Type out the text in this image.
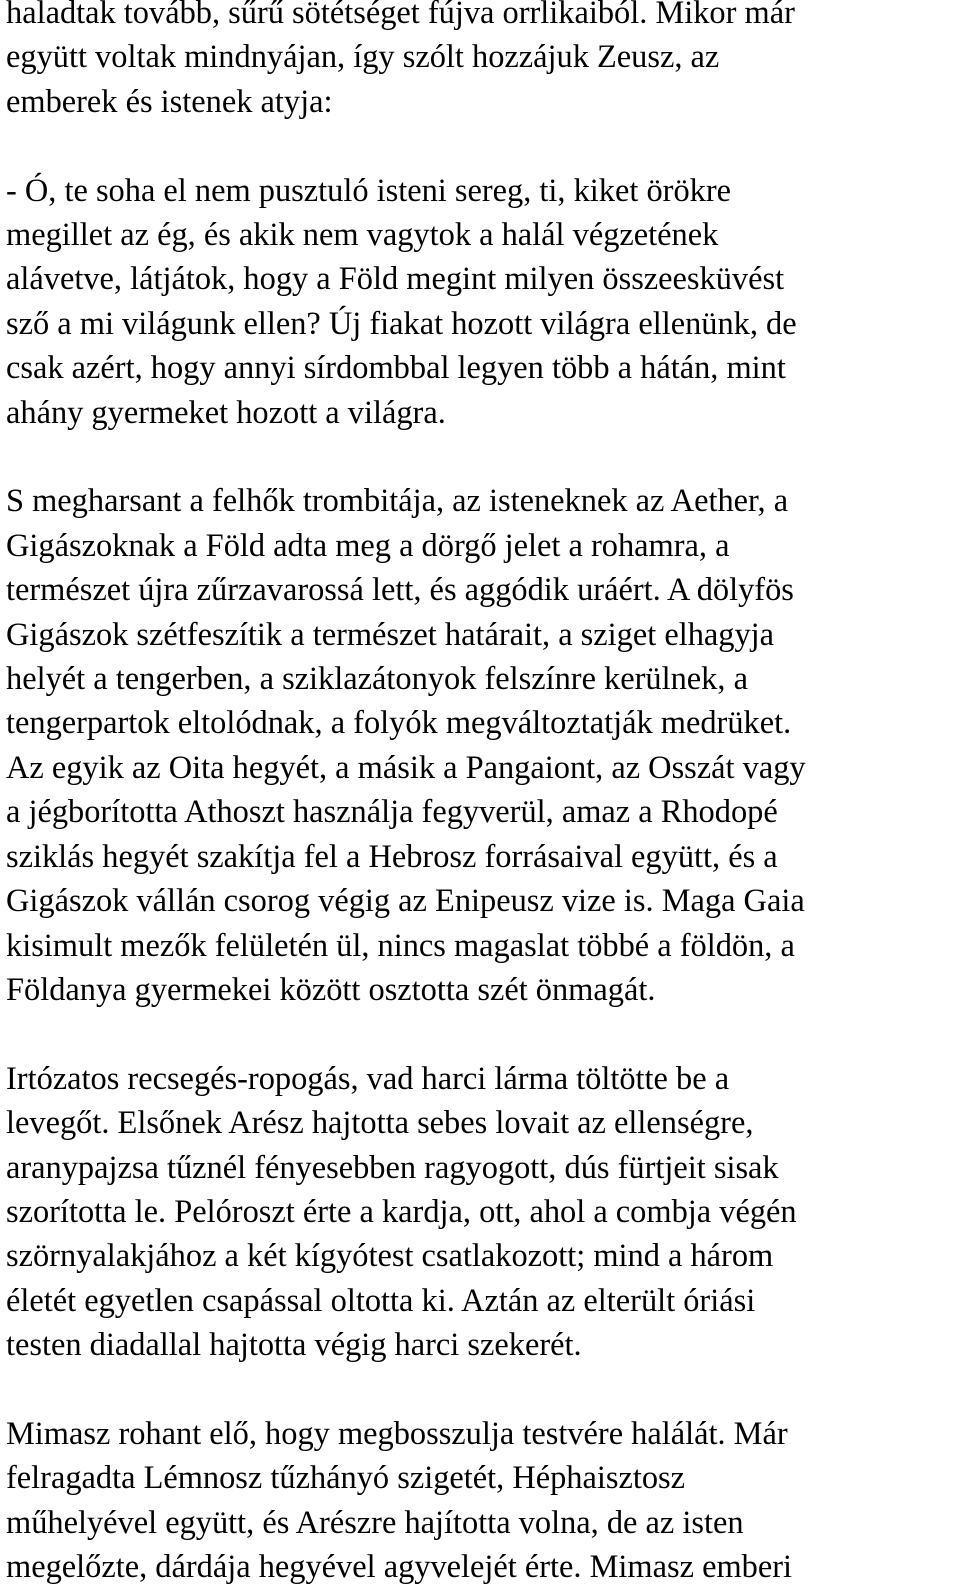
haladtak tovább, sűrű sötétséget fújva orrlikaiból. Mikor már
együtt voltak mindnyájan, így szólt hozzájuk Zeusz, az
emberek és istenek atyja:
- Ó, te soha el nem pusztuló isteni sereg, ti, kiket örökre
megillet az ég, és akik nem vagytok a halál végzetének
alávetve, látjátok, hogy a Föld megint milyen összeesküvést
sző a mi világunk ellen? Új fiakat hozott világra ellenünk, de
csak azért, hogy annyi sírdombbal legyen több a hátán, mint
ahány gyermeket hozott a világra.
S megharsant a felhők trombitája, az isteneknek az Aether, a
Gigászoknak a Föld adta meg a dörgő jelet a rohamra, a
természet újra zűrzavarossá lett, és aggódik uráért. A dölyfös
Gigászok szétfeszítik a természet határait, a sziget elhagyja
helyét a tengerben, a sziklazátonyok felszínre kerülnek, a
tengerpartok eltolódnak, a folyók megváltoztatják medrüket.
Az egyik az Oita hegyét, a másik a Pangaiont, az Osszát vagy
a jégborította Athoszt használja fegyverül, amaz a Rhodopé
sziklás hegyét szakítja fel a Hebrosz forrásaival együtt, és a
Gigászok vállán csorog végig az Enipeusz vize is. Maga Gaia
kisimult mezők felületén ül, nincs magaslat többé a földön, a
Földanya gyermekei között osztotta szét önmagát.
Irtózatos recsegés-ropogás, vad harci lárma töltötte be a
levegőt. Elsőnek Arész hajtotta sebes lovait az ellenségre,
aranypajzsa tűznél fényesebben ragyogott, dús fürtjeit sisak
szorította le. Pelóroszt érte a kardja, ott, ahol a combja végén
szörnyalakjához a két kígyótest csatlakozott; mind a három
életét egyetlen csapással oltotta ki. Aztán az elterült óriási
testen diadallal hajtotta végig harci szekerét.
Mimasz rohant elő, hogy megbosszulja testvére halálát. Már
felragadta Lémnosz tűzhányó szigetét, Héphaisztosz
műhelyével együtt, és Arészre hajította volna, de az isten
megelőzte, dárdája hegyével agyvelejét érte. Mimasz emberi
